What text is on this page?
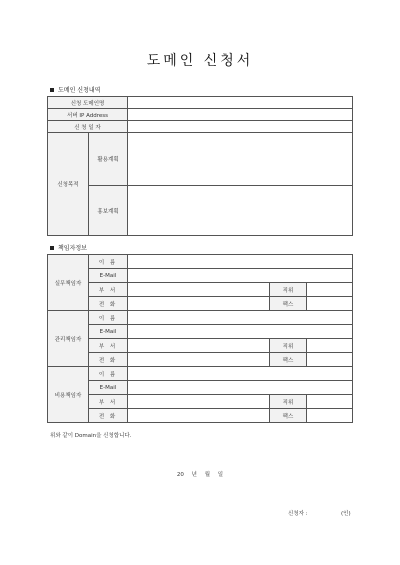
도메인 신청서
도메인 신청내역
신청 도메인명		
서버 IP Address		
신 청 일 자		
신청목적	활용계획	
	홍보계획	
책임자정보
실무책임자	이 름			
	E-Mail			
	부 서		직위	
	전 화		팩스	
관리책임자	이 름			
	E-Mail			
	부 서		직위	
	전 화		팩스	
비용책임자	이 름			
	E-Mail			
	부 서		직위	
	전 화		팩스	
위와 같이 Domain을 신청합니다.
20 년 월 일
신청자 :	(인)
